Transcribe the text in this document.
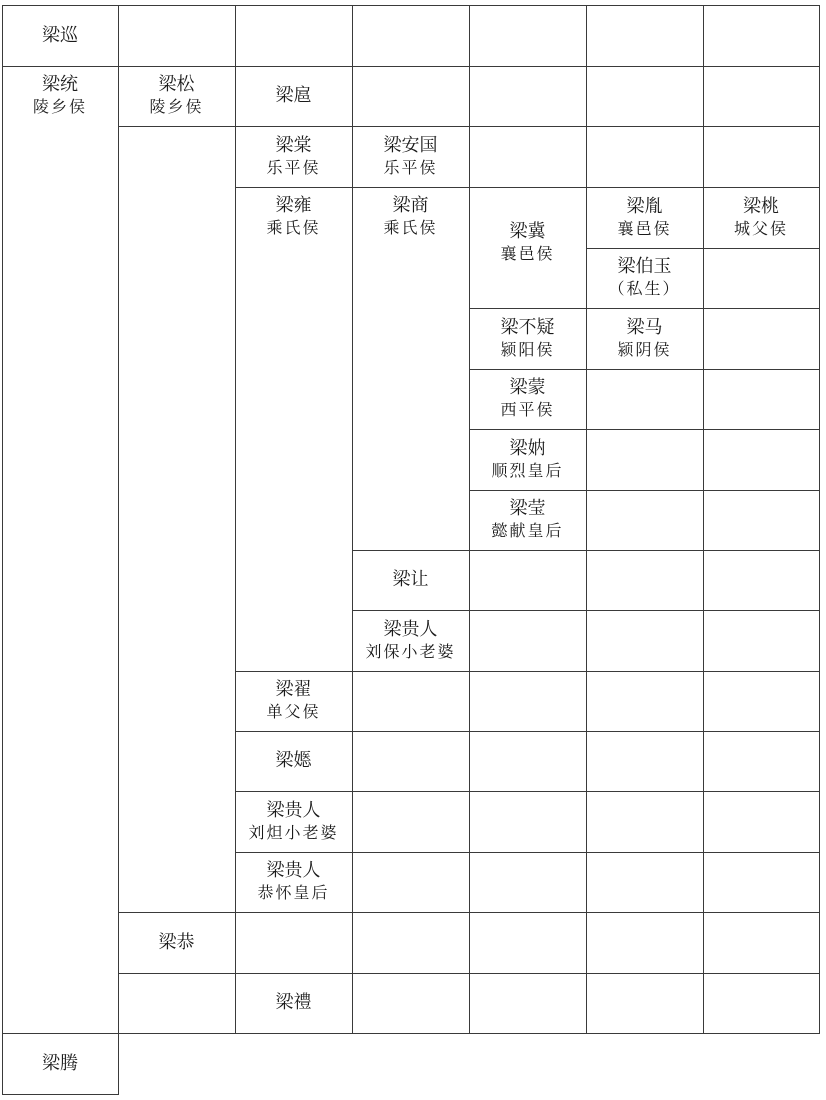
梁巡
梁统
陵乡侯
梁松
陵乡侯
梁扈
梁棠
乐平侯
梁安国
乐平侯
梁雍
乘氏侯
梁商
乘氏侯	梁冀
襄邑侯
梁胤
襄邑侯
梁桃
城父侯
梁伯玉
（私生）
梁不疑
颍阳侯
梁马
颍阴侯
梁蒙
西平侯
梁妠
顺烈皇后
梁莹
懿献皇后
梁让
梁贵人
刘保小老婆
梁翟
单父侯
梁嫕
梁贵人
刘炟小老婆
梁贵人
恭怀皇后
梁恭
梁禮
梁腾
